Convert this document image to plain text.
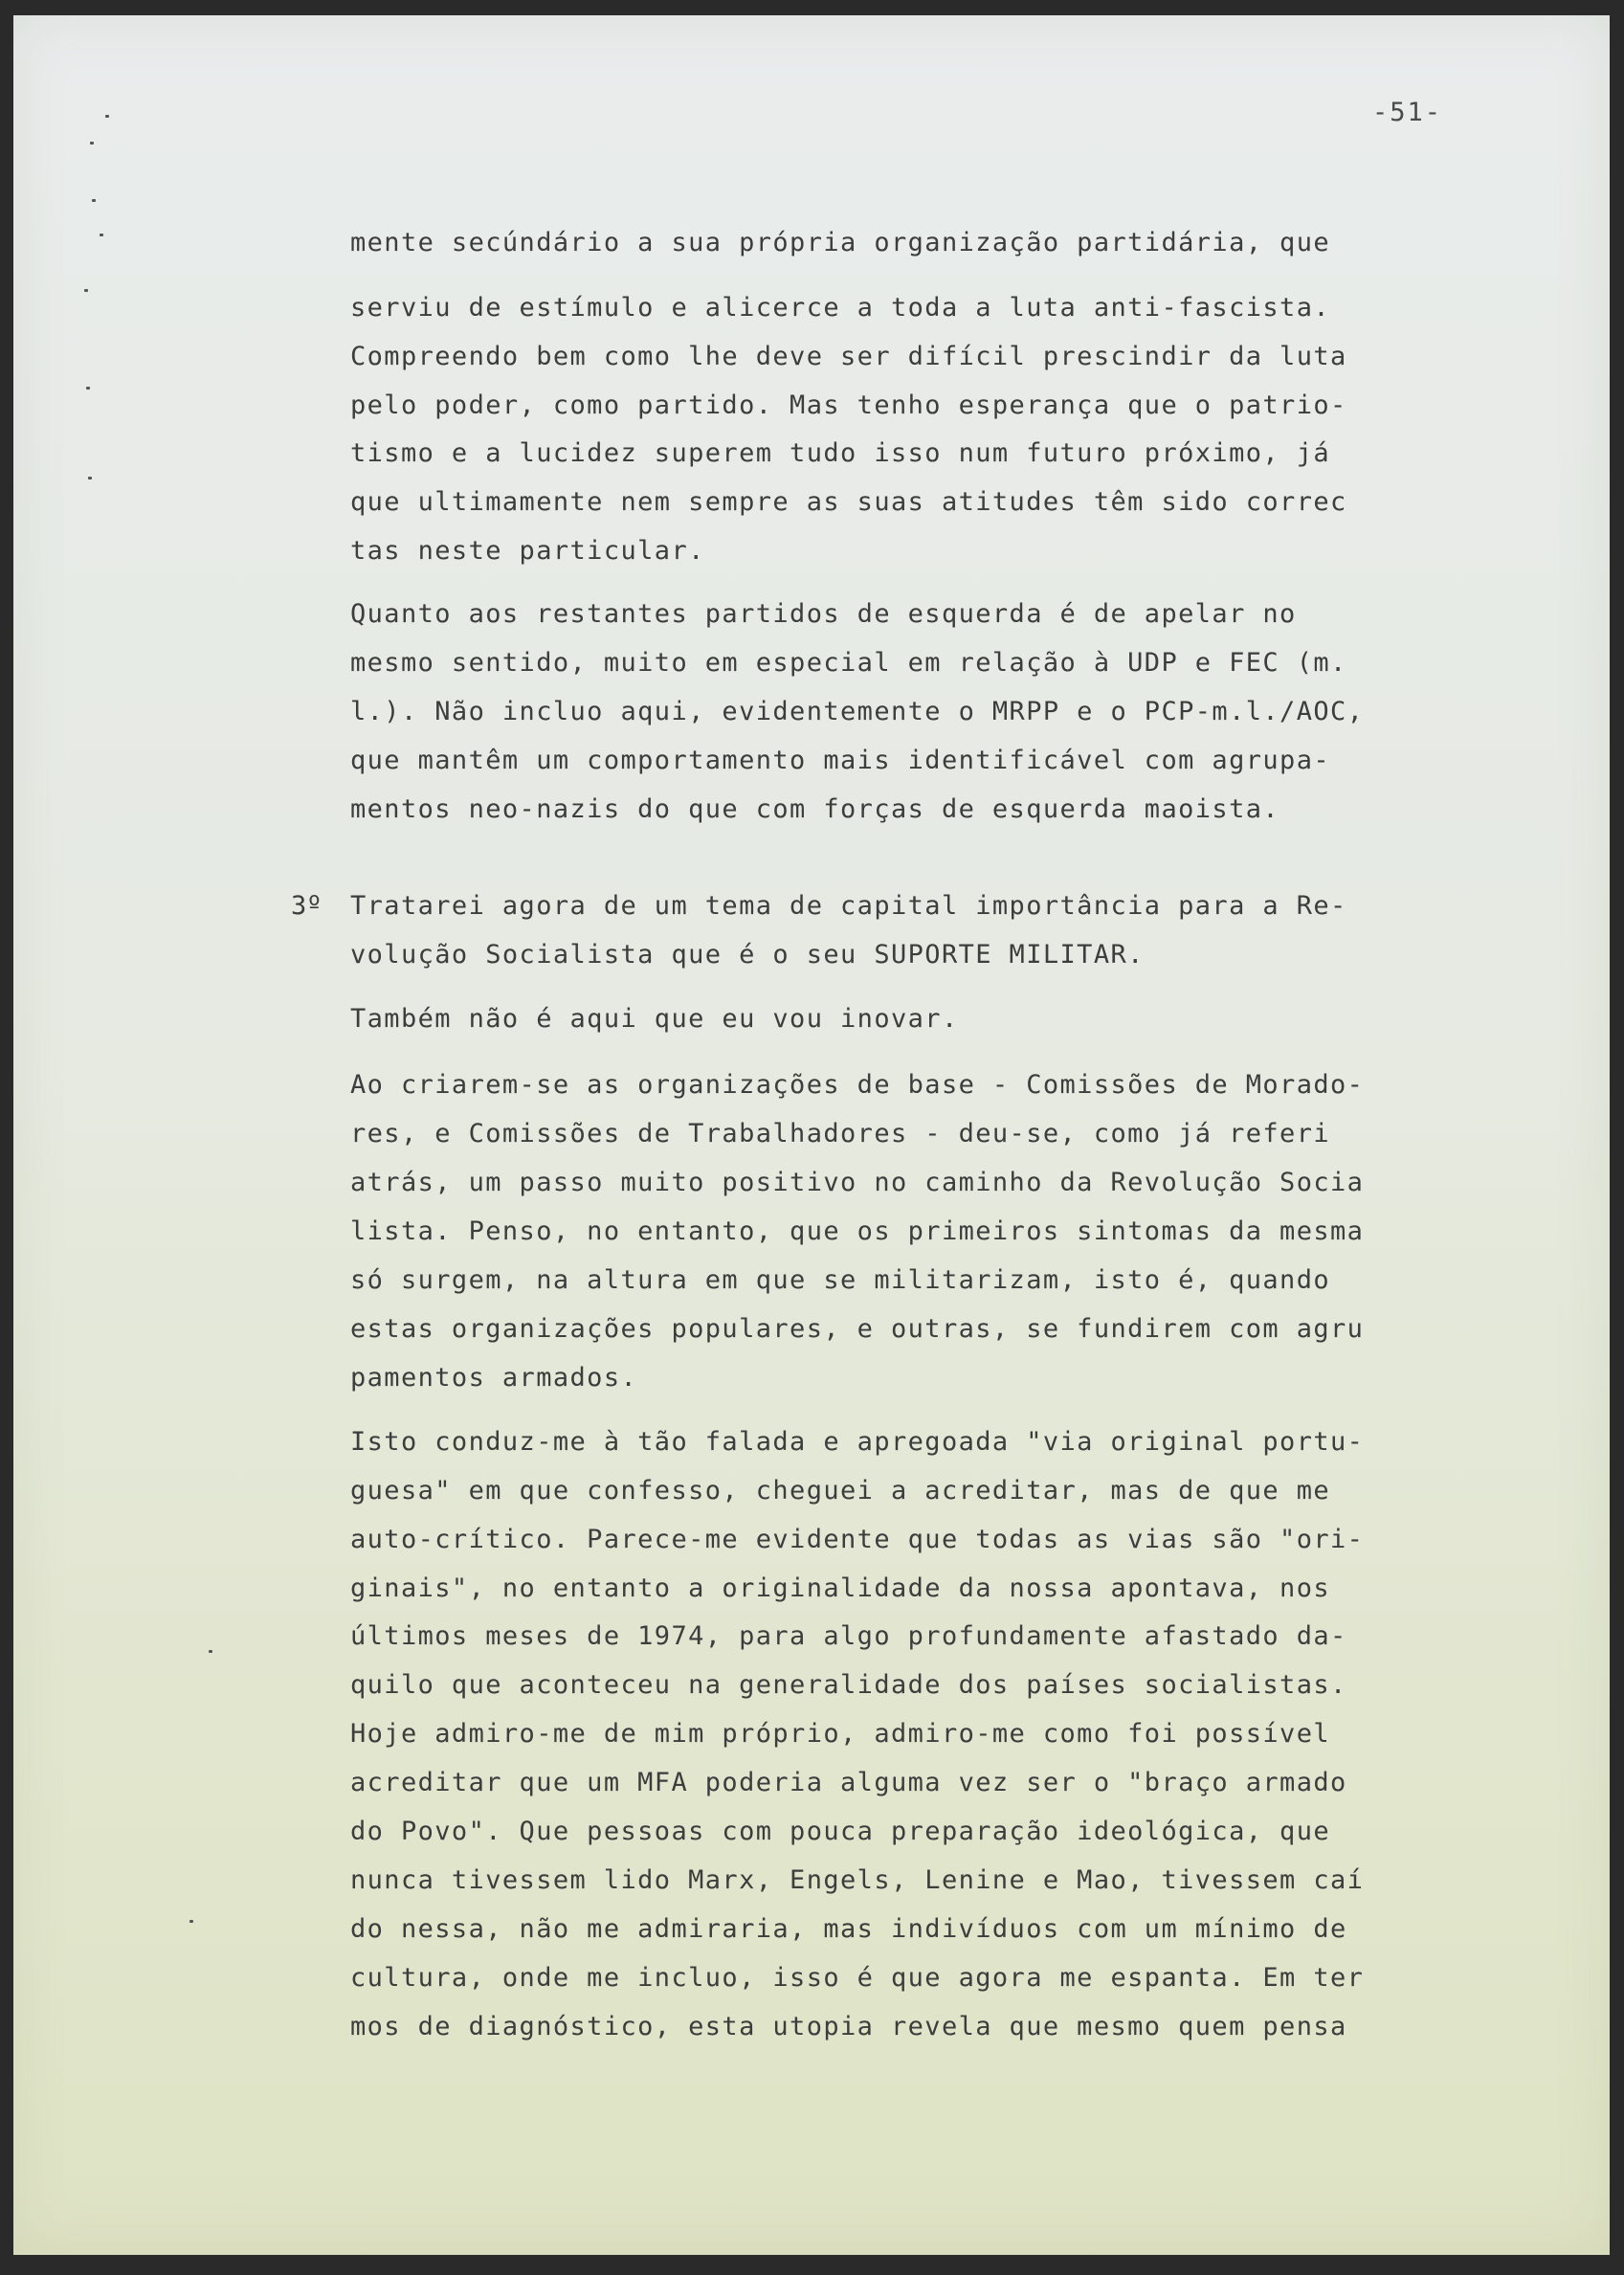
-51-
mente secúndário a sua própria organização partidária, que
serviu de estímulo e alicerce a toda a luta anti-fascista.
Compreendo bem como lhe deve ser difícil prescindir da luta
pelo poder, como partido. Mas tenho esperança que o patrio-
tismo e a lucidez superem tudo isso num futuro próximo, já
que ultimamente nem sempre as suas atitudes têm sido correc
tas neste particular.
Quanto aos restantes partidos de esquerda é de apelar no
mesmo sentido, muito em especial em relação à UDP e FEC (m.
l.). Não incluo aqui, evidentemente o MRPP e o PCP-m.l./AOC,
que mantêm um comportamento mais identificável com agrupa-
mentos neo-nazis do que com forças de esquerda maoista.
3º Tratarei agora de um tema de capital importância para a Re-
volução Socialista que é o seu SUPORTE MILITAR.
Também não é aqui que eu vou inovar.
Ao criarem-se as organizações de base - Comissões de Morado-
res, e Comissões de Trabalhadores - deu-se, como já referi
atrás, um passo muito positivo no caminho da Revolução Socia
lista. Penso, no entanto, que os primeiros sintomas da mesma
só surgem, na altura em que se militarizam, isto é, quando
estas organizações populares, e outras, se fundirem com agru
pamentos armados.
Isto conduz-me à tão falada e apregoada "via original portu-
guesa" em que confesso, cheguei a acreditar, mas de que me
auto-crítico. Parece-me evidente que todas as vias são "ori-
ginais", no entanto a originalidade da nossa apontava, nos
últimos meses de 1974, para algo profundamente afastado da-
quilo que aconteceu na generalidade dos países socialistas.
Hoje admiro-me de mim próprio, admiro-me como foi possível
acreditar que um MFA poderia alguma vez ser o "braço armado
do Povo". Que pessoas com pouca preparação ideológica, que
nunca tivessem lido Marx, Engels, Lenine e Mao, tivessem caí
do nessa, não me admiraria, mas indivíduos com um mínimo de
cultura, onde me incluo, isso é que agora me espanta. Em ter
mos de diagnóstico, esta utopia revela que mesmo quem pensa
